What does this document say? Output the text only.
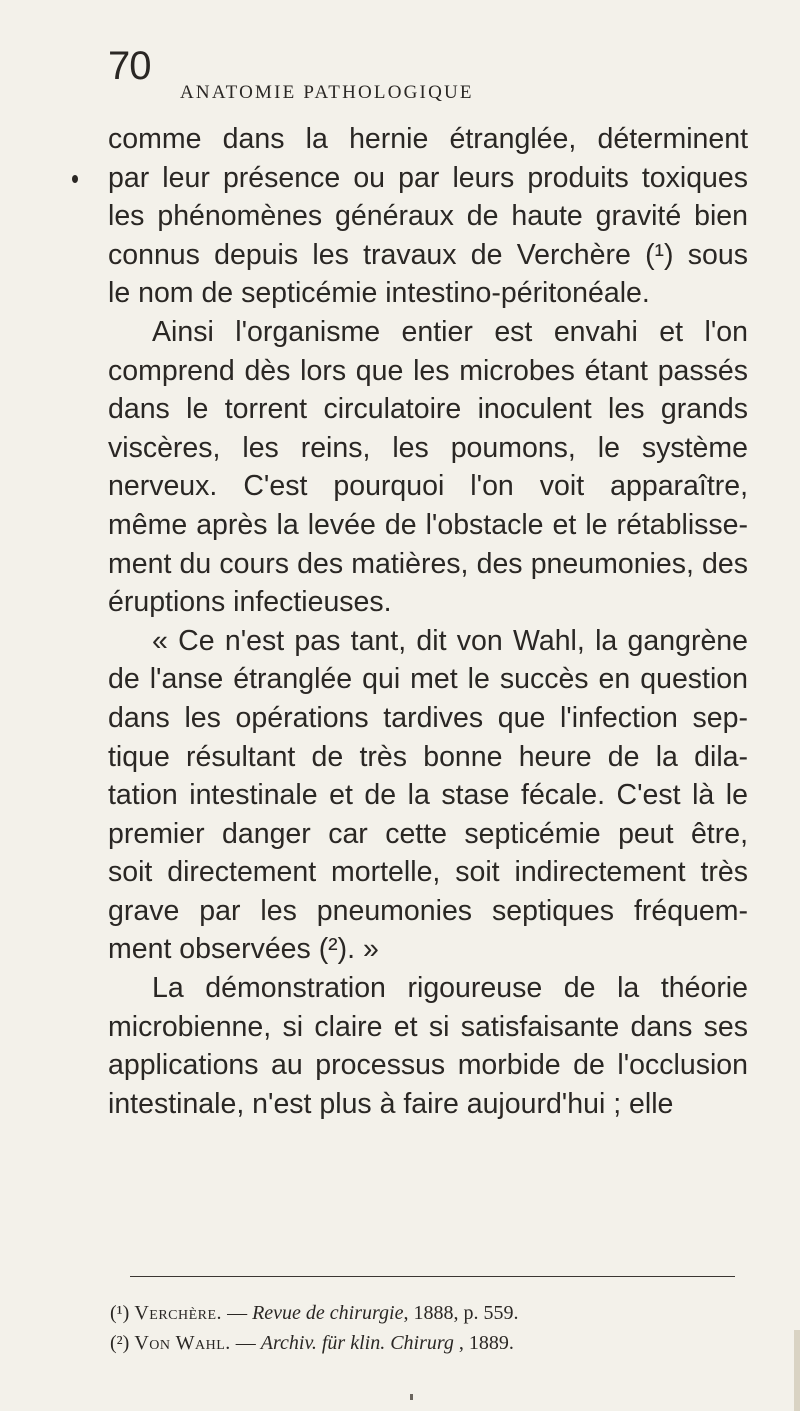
70
ANATOMIE PATHOLOGIQUE
comme dans la hernie étranglée, déterminent
par leur présence ou par leurs produits toxiques
les phénomènes généraux de haute gravité bien
connus depuis les travaux de Verchère (¹) sous
le nom de septicémie intestino-péritonéale.
Ainsi l'organisme entier est envahi et l'on
comprend dès lors que les microbes étant passés
dans le torrent circulatoire inoculent les grands
viscères, les reins, les poumons, le système
nerveux. C'est pourquoi l'on voit apparaître,
même après la levée de l'obstacle et le rétablisse-
ment du cours des matières, des pneumonies, des
éruptions infectieuses.
« Ce n'est pas tant, dit von Wahl, la gangrène
de l'anse étranglée qui met le succès en question
dans les opérations tardives que l'infection sep-
tique résultant de très bonne heure de la dila-
tation intestinale et de la stase fécale. C'est là le
premier danger car cette septicémie peut être,
soit directement mortelle, soit indirectement très
grave par les pneumonies septiques fréquem-
ment observées (²). »
La démonstration rigoureuse de la théorie
microbienne, si claire et si satisfaisante dans ses
applications au processus morbide de l'occlusion
intestinale, n'est plus à faire aujourd'hui ; elle
(¹) Verchère. — Revue de chirurgie, 1888, p. 559.
(²) Von Wahl. — Archiv. für klin. Chirurg , 1889.
